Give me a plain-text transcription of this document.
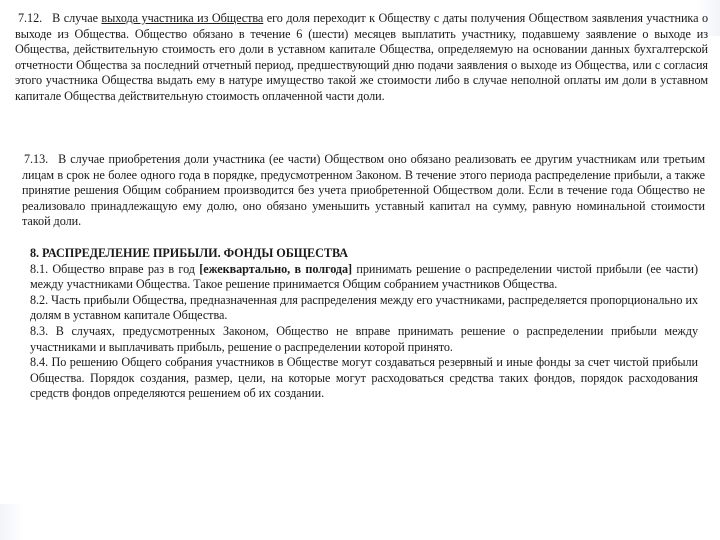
7.12. В случае выхода участника из Общества его доля переходит к Обществу с даты получения Обществом заявления участника о выходе из Общества. Общество обязано в течение 6 (шести) месяцев выплатить участнику, подавшему заявление о выходе из Общества, действительную стоимость его доли в уставном капитале Общества, определяемую на основании данных бухгалтерской отчетности Общества за последний отчетный период, предшествующий дню подачи заявления о выходе из Общества, или с согласия этого участника Общества выдать ему в натуре имущество такой же стоимости либо в случае неполной оплаты им доли в уставном капитале Общества действительную стоимость оплаченной части доли.

7.13. В случае приобретения доли участника (ее части) Обществом оно обязано реализовать ее другим участникам или третьим лицам в срок не более одного года в порядке, предусмотренном Законом. В течение этого периода распределение прибыли, а также принятие решения Общим собранием производится без учета приобретенной Обществом доли. Если в течение года Общество не реализовало принадлежащую ему долю, оно обязано уменьшить уставный капитал на сумму, равную номинальной стоимости такой доли.

8. РАСПРЕДЕЛЕНИЕ ПРИБЫЛИ. ФОНДЫ ОБЩЕСТВА

8.1. Общество вправе раз в год [ежеквартально, в полгода] принимать решение о распределении чистой прибыли (ее части) между участниками Общества. Такое решение принимается Общим собранием участников Общества.

8.2. Часть прибыли Общества, предназначенная для распределения между его участниками, распределяется пропорционально их долям в уставном капитале Общества.

8.3. В случаях, предусмотренных Законом, Общество не вправе принимать решение о распределении прибыли между участниками и выплачивать прибыль, решение о распределении которой принято.

8.4. По решению Общего собрания участников в Обществе могут создаваться резервный и иные фонды за счет чистой прибыли Общества. Порядок создания, размер, цели, на которые могут расходоваться средства таких фондов, порядок расходования средств фондов определяются решением об их создании.
